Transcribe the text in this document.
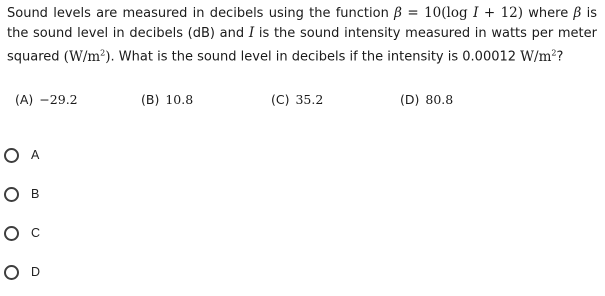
Sound levels are measured in decibels using the function β = 10(log I + 12) where β is the sound level in decibels (dB) and I is the sound intensity measured in watts per meter squared $(W/m^2)$. What is the sound level in decibels if the intensity is 0.00012 $W/m^2$?
(A) −29.2	(B) 10.8	(C) 35.2	(D) 80.8
A
B
C
D
